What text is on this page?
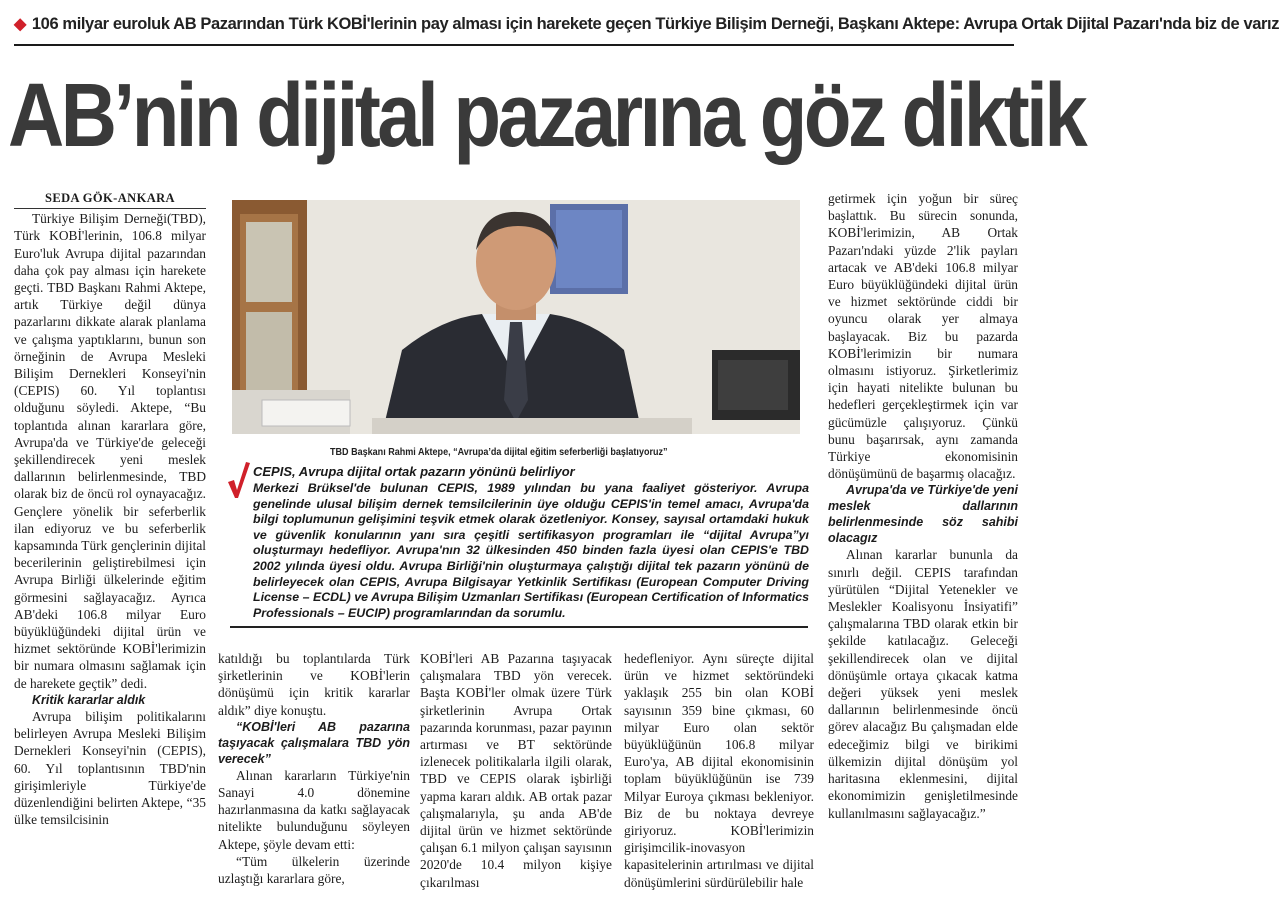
◆ 106 milyar euroluk AB Pazarından Türk KOBİ'lerinin pay alması için harekete geçen Türkiye Bilişim Derneği, Başkanı Aktepe: Avrupa Ortak Dijital Pazarı'nda biz de varız
AB’nin dijital pazarına göz diktik
SEDA GÖK-ANKARA

Türkiye Bilişim Derneği(TBD), Türk KOBİ'lerinin, 106.8 milyar Euro'luk Avrupa dijital pazarından daha çok pay alması için harekete geçti. TBD Başkanı Rahmi Aktepe, artık Türkiye değil dünya pazarlarını dikkate alarak planlama ve çalışma yaptıklarını, bunun son örneğinin de Avrupa Mesleki Bilişim Dernekleri Konseyi'nin (CEPIS) 60. Yıl toplantısı olduğunu söyledi. Aktepe, “Bu toplantıda alınan kararlara göre, Avrupa'da ve Türkiye'de geleceği şekillendirecek yeni meslek dallarının belirlenmesinde, TBD olarak biz de öncü rol oynayacağız. Gençlere yönelik bir seferberlik ilan ediyoruz ve bu seferberlik kapsamında Türk gençlerinin dijital becerilerinin geliştirebilmesi için Avrupa Birliği ülkelerinde eğitim görmesini sağlayacağız. Ayrıca AB'deki 106.8 milyar Euro büyüklüğündeki dijital ürün ve hizmet sektöründe KOBİ'lerimizin bir numara olmasını sağlamak için de harekete geçtik” dedi.

Kritik kararlar aldık

Avrupa bilişim politikalarını belirleyen Avrupa Mesleki Bilişim Dernekleri Konseyi'nin (CEPIS), 60. Yıl toplantısının TBD'nin girişimleriyle Türkiye'de düzenlendiğini belirten Aktepe, “35 ülke temsilcisinin

TBD Başkanı Rahmi Aktepe, “Avrupa’da dijital eğitim seferberliği başlatıyoruz”
CEPIS, Avrupa dijital ortak pazarın yönünü belirliyor
Merkezi Brüksel'de bulunan CEPIS, 1989 yılından bu yana faaliyet gösteriyor. Avrupa genelinde ulusal bilişim dernek temsilcilerinin üye olduğu CEPIS'in temel amacı, Avrupa'da bilgi toplumunun gelişimini teşvik etmek olarak özetleniyor. Konsey, sayısal ortamdaki hukuk ve güvenlik konularının yanı sıra çeşitli sertifikasyon programları ile “dijital Avrupa”yı oluşturmayı hedefliyor. Avrupa'nın 32 ülkesinden 450 binden fazla üyesi olan CEPIS'e TBD 2002 yılında üyesi oldu. Avrupa Birliği'nin oluşturmaya çalıştığı dijital tek pazarın yönünü de belirleyecek olan CEPIS, Avrupa Bilgisayar Yetkinlik Sertifikası (European Computer Driving License – ECDL) ve Avrupa Bilişim Uzmanları Sertifikası (European Certification of Informatics Professionals – EUCIP) programlarından da sorumlu.

katıldığı bu toplantılarda Türk şirketlerinin ve KOBİ'lerin dönüşümü için kritik kararlar aldık” diye konuştu.

“KOBİ'leri AB pazarına taşıyacak çalışmalara TBD yön verecek”

Alınan kararların Türkiye'nin Sanayi 4.0 dönemine hazırlanmasına da katkı sağlayacak nitelikte bulunduğunu söyleyen Aktepe, şöyle devam etti:

“Tüm ülkelerin üzerinde uzlaştığı kararlara göre,

KOBİ'leri AB Pazarına taşıyacak çalışmalara TBD yön verecek. Başta KOBİ'ler olmak üzere Türk şirketlerinin Avrupa Ortak pazarında korunması, pazar payının artırması ve BT sektöründe izlenecek politikalarla ilgili olarak, TBD ve CEPIS olarak işbirliği yapma kararı aldık. AB ortak pazar çalışmalarıyla, şu anda AB'de dijital ürün ve hizmet sektöründe çalışan 6.1 milyon çalışan sayısının 2020'de 10.4 milyon kişiye çıkarılması

hedefleniyor. Aynı süreçte dijital ürün ve hizmet sektöründeki yaklaşık 255 bin olan KOBİ sayısının 359 bine çıkması, 60 milyar Euro olan sektör büyüklüğünün 106.8 milyar Euro'ya, AB dijital ekonomisinin toplam büyüklüğünün ise 739 Milyar Euroya çıkması bekleniyor. Biz de bu noktaya devreye giriyoruz. KOBİ'lerimizin girişimcilik-inovasyon kapasitelerinin artırılması ve dijital dönüşümlerini sürdürülebilir hale

getirmek için yoğun bir süreç başlattık. Bu sürecin sonunda, KOBİ'lerimizin, AB Ortak Pazarı'ndaki yüzde 2'lik payları artacak ve AB'deki 106.8 milyar Euro büyüklüğündeki dijital ürün ve hizmet sektöründe ciddi bir oyuncu olarak yer almaya başlayacak. Biz bu pazarda KOBİ'lerimizin bir numara olmasını istiyoruz. Şirketlerimiz için hayati nitelikte bulunan bu hedefleri gerçekleştirmek için var gücümüzle çalışıyoruz. Çünkü bunu başarırsak, aynı zamanda Türkiye ekonomisinin dönüşümünü de başarmış olacağız.

Avrupa'da ve Türkiye'de yeni meslek dallarının belirlenmesinde söz sahibi olacagız

Alınan kararlar bununla da sınırlı değil. CEPIS tarafından yürütülen “Dijital Yetenekler ve Meslekler Koalisyonu İnsiyatifi” çalışmalarına TBD olarak etkin bir şekilde katılacağız. Geleceği şekillendirecek olan ve dijital dönüşümle ortaya çıkacak katma değeri yüksek yeni meslek dallarının belirlenmesinde öncü görev alacağız Bu çalışmadan elde edeceğimiz bilgi ve birikimi ülkemizin dijital dönüşüm yol haritasına eklenmesini, dijital ekonomimizin genişletilmesinde kullanılmasını sağlayacağız.”
